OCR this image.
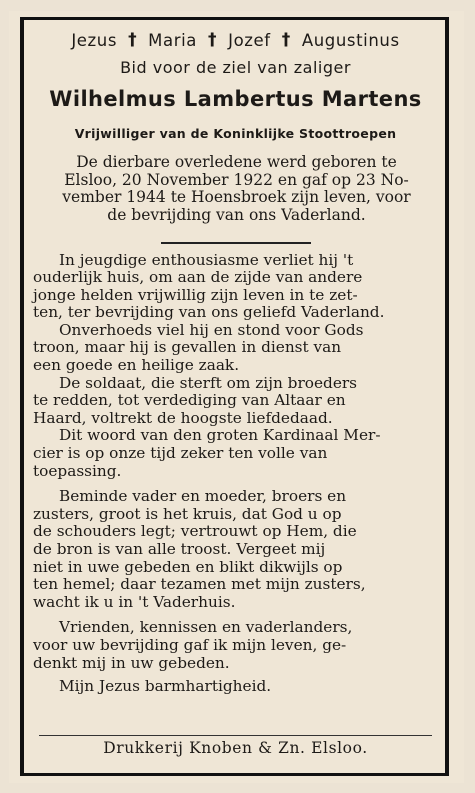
Jezus † Maria † Jozef † Augustinus
Bid voor de ziel van zaliger
Wilhelmus Lambertus Martens
Vrijwilliger van de Koninklijke Stoottroepen
De dierbare overledene werd geboren te
Elsloo, 20 November 1922 en gaf op 23 No-
vember 1944 te Hoensbroek zijn leven, voor
de bevrijding van ons Vaderland.
In jeugdige enthousiasme verliet hij 't
ouderlijk huis, om aan de zijde van andere
jonge helden vrijwillig zijn leven in te zet-
ten, ter bevrijding van ons geliefd Vaderland.
Onverhoeds viel hij en stond voor Gods
troon, maar hij is gevallen in dienst van
een goede en heilige zaak.
De soldaat, die sterft om zijn broeders
te redden, tot verdediging van Altaar en
Haard, voltrekt de hoogste liefdedaad.
Dit woord van den groten Kardinaal Mer-
cier is op onze tijd zeker ten volle van
toepassing.
Beminde vader en moeder, broers en
zusters, groot is het kruis, dat God u op
de schouders legt; vertrouwt op Hem, die
de bron is van alle troost. Vergeet mij
niet in uwe gebeden en blikt dikwijls op
ten hemel; daar tezamen met mijn zusters,
wacht ik u in 't Vaderhuis.
Vrienden, kennissen en vaderlanders,
voor uw bevrijding gaf ik mijn leven, ge-
denkt mij in uw gebeden.
Mijn Jezus barmhartigheid.
Drukkerij Knoben & Zn. Elsloo.
